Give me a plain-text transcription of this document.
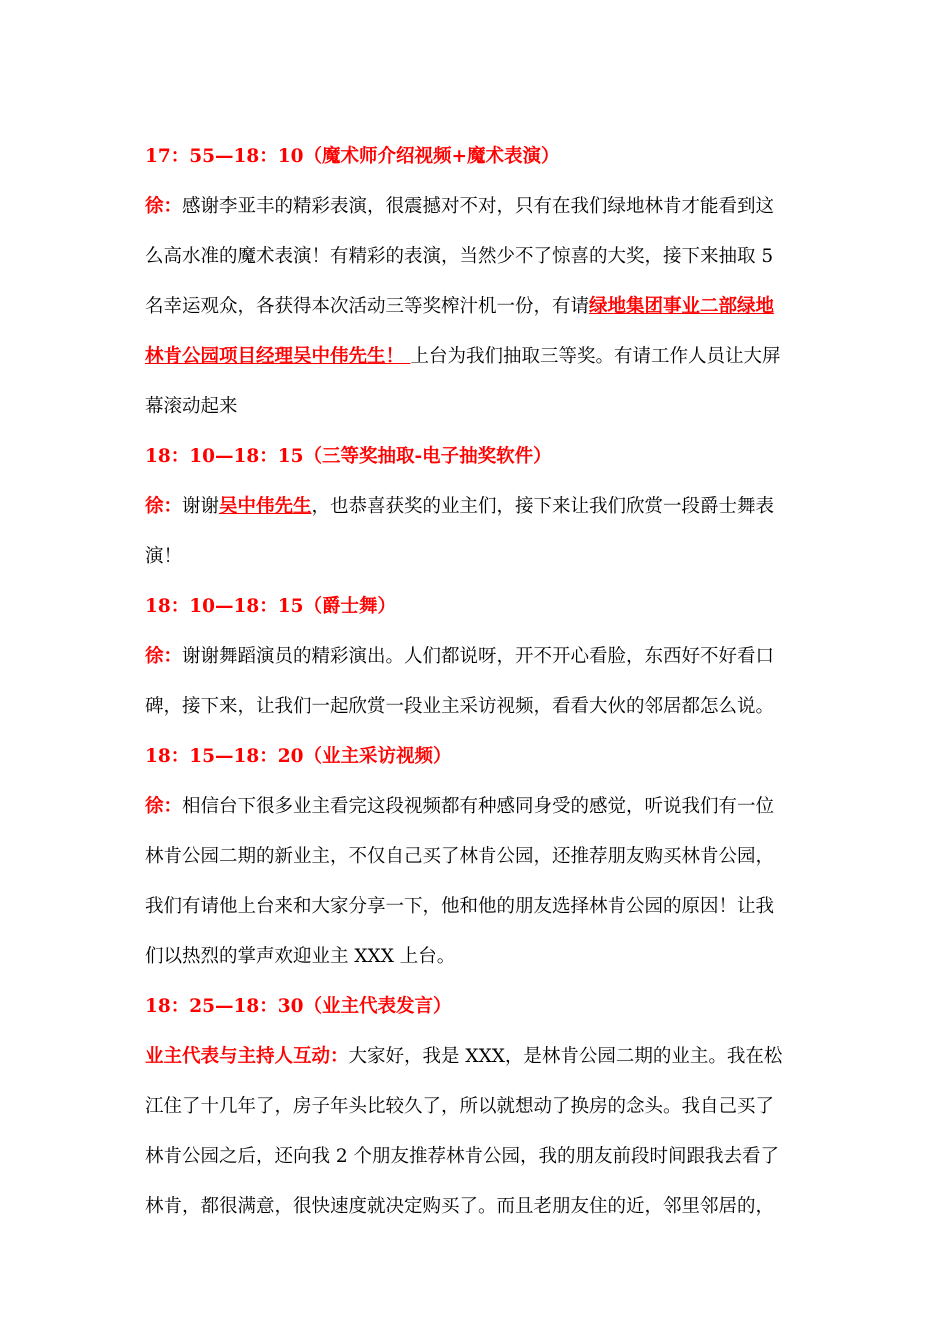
17：55—18：10（魔术师介绍视频+魔术表演）
徐：感谢李亚丰的精彩表演，很震撼对不对，只有在我们绿地林肯才能看到这
么高水准的魔术表演！有精彩的表演，当然少不了惊喜的大奖，接下来抽取 5
名幸运观众，各获得本次活动三等奖榨汁机一份，有请绿地集团事业二部绿地
林肯公园项目经理吴中伟先生！ 上台为我们抽取三等奖。有请工作人员让大屏
幕滚动起来
18：10—18：15（三等奖抽取-电子抽奖软件）
徐：谢谢吴中伟先生，也恭喜获奖的业主们，接下来让我们欣赏一段爵士舞表
演！
18：10—18：15（爵士舞）
徐：谢谢舞蹈演员的精彩演出。人们都说呀，开不开心看脸，东西好不好看口
碑，接下来，让我们一起欣赏一段业主采访视频，看看大伙的邻居都怎么说。
18：15—18：20（业主采访视频）
徐：相信台下很多业主看完这段视频都有种感同身受的感觉，听说我们有一位
林肯公园二期的新业主，不仅自己买了林肯公园，还推荐朋友购买林肯公园，
我们有请他上台来和大家分享一下，他和他的朋友选择林肯公园的原因！让我
们以热烈的掌声欢迎业主 XXX 上台。
18：25—18：30（业主代表发言）
业主代表与主持人互动：大家好，我是 XXX，是林肯公园二期的业主。我在松
江住了十几年了，房子年头比较久了，所以就想动了换房的念头。我自己买了
林肯公园之后，还向我 2 个朋友推荐林肯公园，我的朋友前段时间跟我去看了
林肯，都很满意，很快速度就决定购买了。而且老朋友住的近，邻里邻居的，
